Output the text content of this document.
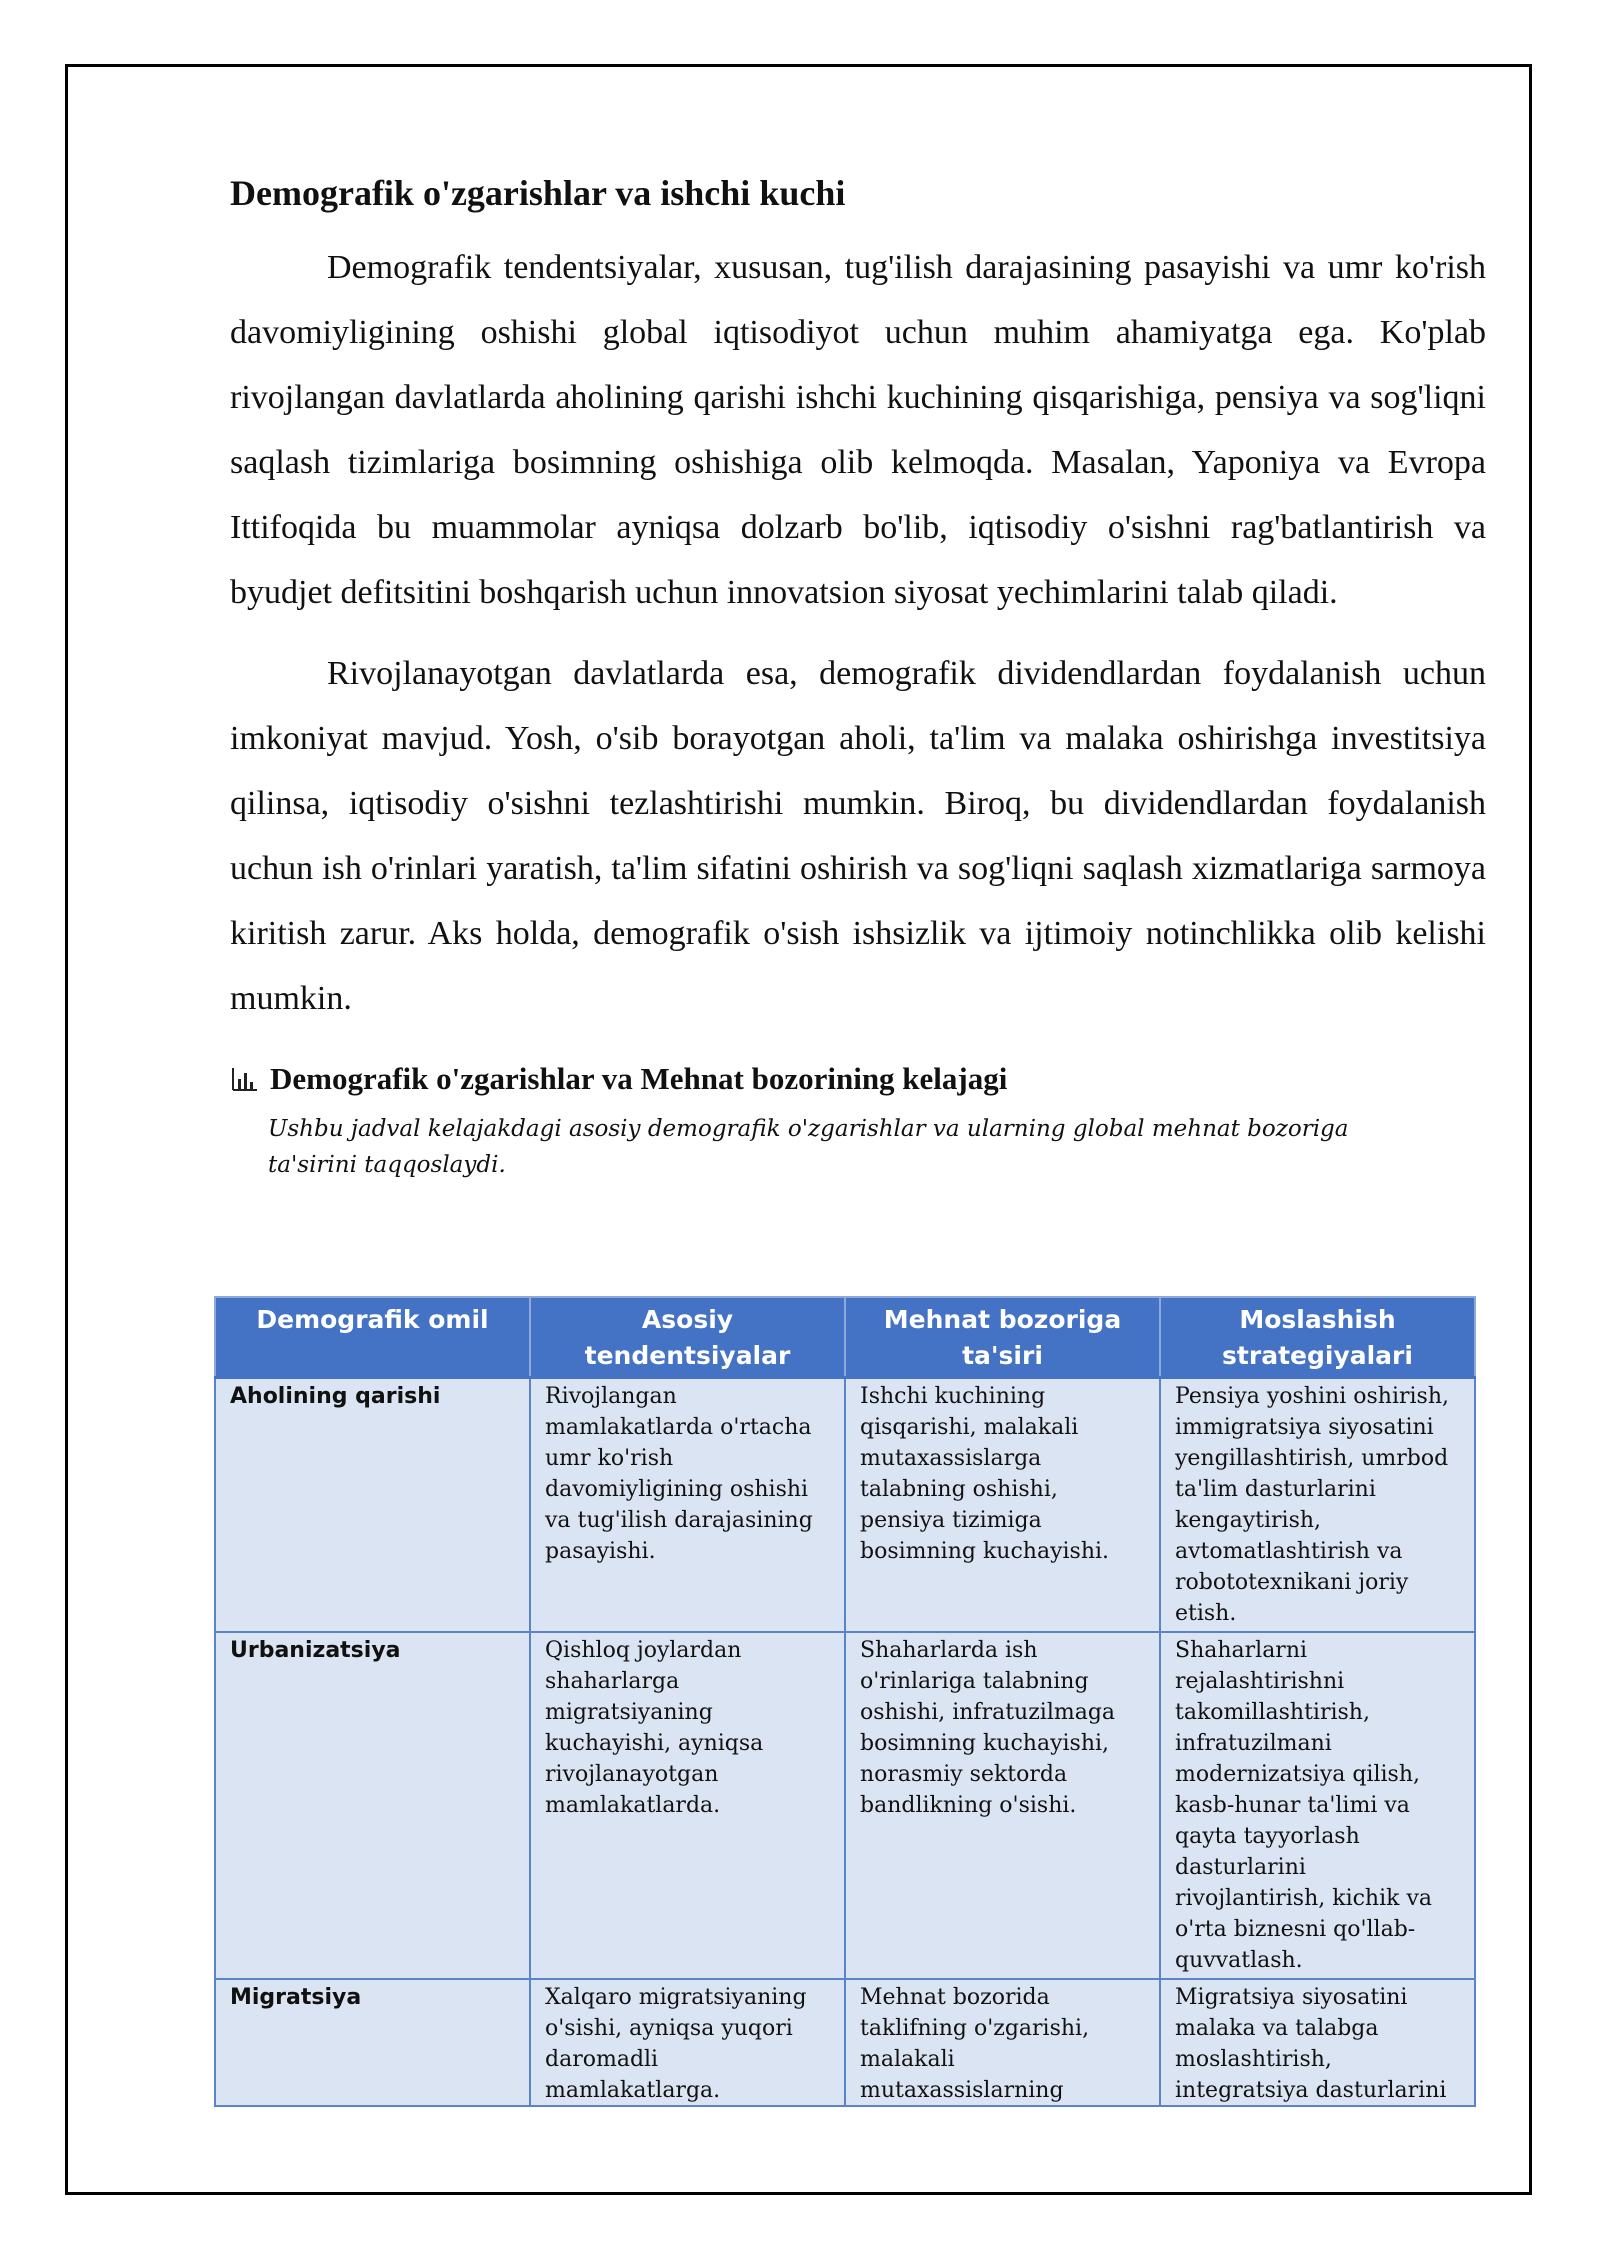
Demografik o'zgarishlar va ishchi kuchi

Demografik tendentsiyalar, xususan, tug'ilish darajasining pasayishi va umr ko'rish davomiyligining oshishi global iqtisodiyot uchun muhim ahamiyatga ega. Ko'plab rivojlangan davlatlarda aholining qarishi ishchi kuchining qisqarishiga, pensiya va sog'liqni saqlash tizimlariga bosimning oshishiga olib kelmoqda. Masalan, Yaponiya va Evropa Ittifoqida bu muammolar ayniqsa dolzarb bo'lib, iqtisodiy o'sishni rag'batlantirish va byudjet defitsitini boshqarish uchun innovatsion siyosat yechimlarini talab qiladi.

Rivojlanayotgan davlatlarda esa, demografik dividendlardan foydalanish uchun imkoniyat mavjud. Yosh, o'sib borayotgan aholi, ta'lim va malaka oshirishga investitsiya qilinsa, iqtisodiy o'sishni tezlashtirishi mumkin. Biroq, bu dividendlardan foydalanish uchun ish o'rinlari yaratish, ta'lim sifatini oshirish va sog'liqni saqlash xizmatlariga sarmoya kiritish zarur. Aks holda, demografik o'sish ishsizlik va ijtimoiy notinchlikka olib kelishi mumkin.

Demografik o'zgarishlar va Mehnat bozorining kelajagi
Ushbu jadval kelajakdagi asosiy demografik o'zgarishlar va ularning global mehnat bozoriga ta'sirini taqqoslaydi.
Demografik omil	Asosiy tendentsiyalar	Mehnat bozoriga ta'siri	Moslashish strategiyalari
Aholining qarishi	Rivojlangan mamlakatlarda o'rtacha umr ko'rish davomiyligining oshishi va tug'ilish darajasining pasayishi.	Ishchi kuchining qisqarishi, malakali mutaxassislarga talabning oshishi, pensiya tizimiga bosimning kuchayishi.	Pensiya yoshini oshirish, immigratsiya siyosatini yengillashtirish, umrbod ta'lim dasturlarini kengaytirish, avtomatlashtirish va robototexnikani joriy etish.
Urbanizatsiya	Qishloq joylardan shaharlarga migratsiyaning kuchayishi, ayniqsa rivojlanayotgan mamlakatlarda.	Shaharlarda ish o'rinlariga talabning oshishi, infratuzilmaga bosimning kuchayishi, norasmiy sektorda bandlikning o'sishi.	Shaharlarni rejalashtirishni takomillashtirish, infratuzilmani modernizatsiya qilish, kasb-hunar ta'limi va qayta tayyorlash dasturlarini rivojlantirish, kichik va o'rta biznesni qo'llab-quvvatlash.

Migratsiya	Xalqaro migratsiyaning o'sishi, ayniqsa yuqori daromadli mamlakatlarga.	Mehnat bozorida taklifning o'zgarishi, malakali mutaxassislarning	Migratsiya siyosatini malaka va talabga moslashtirish, integratsiya dasturlarini
